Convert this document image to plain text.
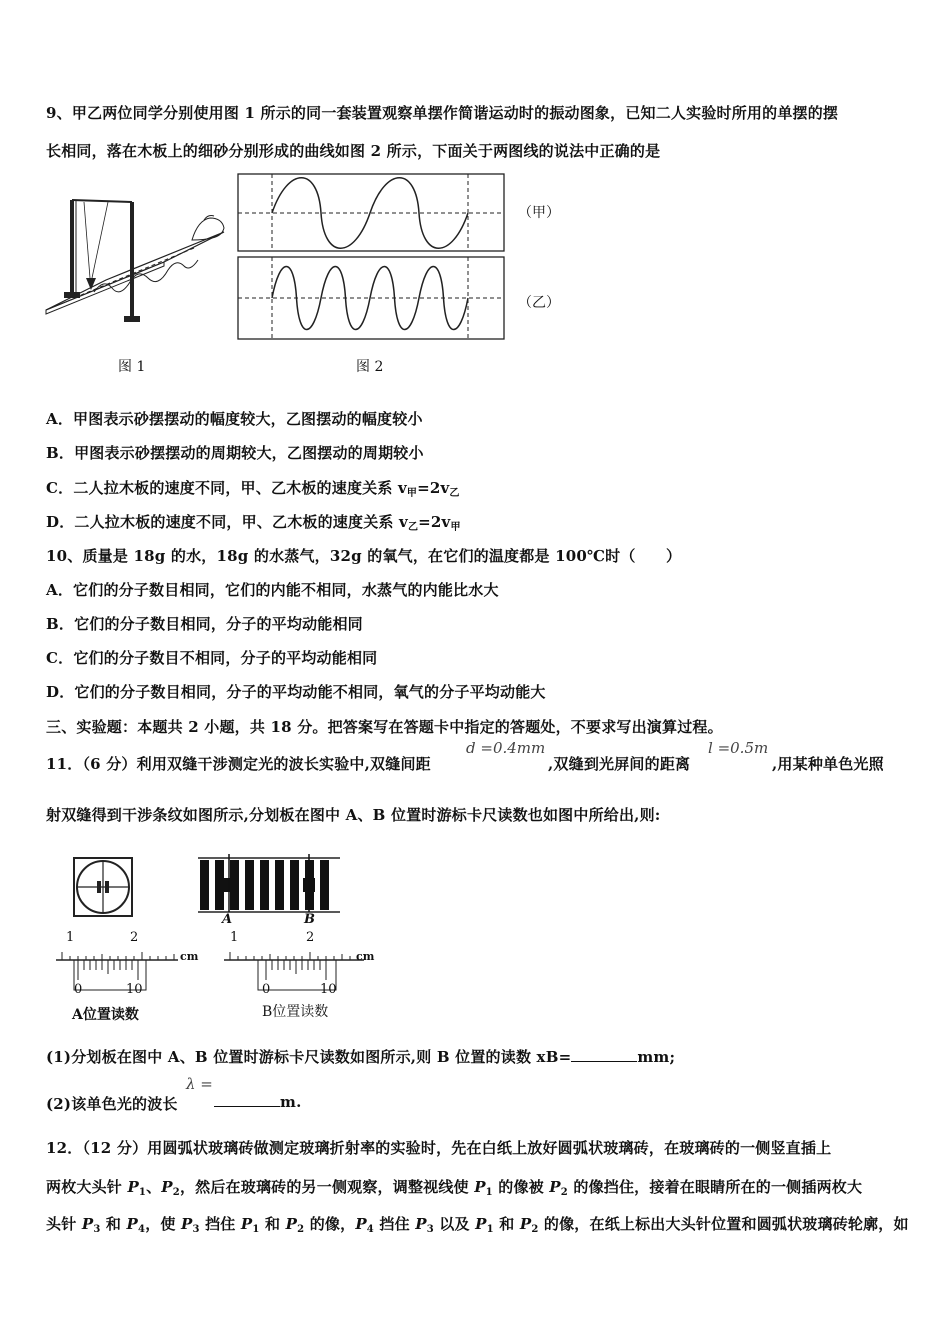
9、甲乙两位同学分别使用图 1 所示的同一套装置观察单摆作简谐运动时的振动图象，已知二人实验时所用的单摆的摆
长相同，落在木板上的细砂分别形成的曲线如图 2 所示，下面关于两图线的说法中正确的是
图 1
（甲）
（乙）
图 2
A．甲图表示砂摆摆动的幅度较大，乙图摆动的幅度较小
B．甲图表示砂摆摆动的周期较大，乙图摆动的周期较小
C．二人拉木板的速度不同，甲、乙木板的速度关系 $v_甲=2v_乙$
D．二人拉木板的速度不同，甲、乙木板的速度关系 $v_乙=2v_甲$
10、质量是 18g 的水，18g 的水蒸气，32g 的氧气，在它们的温度都是 100℃时（　　）
A．它们的分子数目相同，它们的内能不相同，水蒸气的内能比水大
B．它们的分子数目相同，分子的平均动能相同
C．它们的分子数目不相同，分子的平均动能相同
D．它们的分子数目相同，分子的平均动能不相同，氧气的分子平均动能大
三、实验题：本题共 2 小题，共 18 分。把答案写在答题卡中指定的答题处，不要求写出演算过程。
11．（6 分）利用双缝干涉测定光的波长实验中,双缝间距
d =0.4mm
,双缝到光屏间的距离
l =0.5m
,用某种单色光照
射双缝得到干涉条纹如图所示,分划板在图中 A、B 位置时游标卡尺读数也如图中所给出,则:
A	B
1	2
cm
0	10
1	2
cm
0	10
A位置读数	B位置读数
(1)分划板在图中 A、B 位置时游标卡尺读数如图所示,则 B 位置的读数 xB=	mm;
(2)该单色光的波长
λ =
m.
12．（12 分）用圆弧状玻璃砖做测定玻璃折射率的实验时，先在白纸上放好圆弧状玻璃砖，在玻璃砖的一侧竖直插上
两枚大头针 $P_1$、$P_2$，然后在玻璃砖的另一侧观察，调整视线使 $P_1$ 的像被 $P_2$ 的像挡住，接着在眼睛所在的一侧插两枚大
头针 $P_3$ 和 $P_4$，使 $P_3$ 挡住 $P_1$ 和 $P_2$ 的像，$P_4$ 挡住 $P_3$ 以及 $P_1$ 和 $P_2$ 的像，在纸上标出大头针位置和圆弧状玻璃砖轮廓，如
